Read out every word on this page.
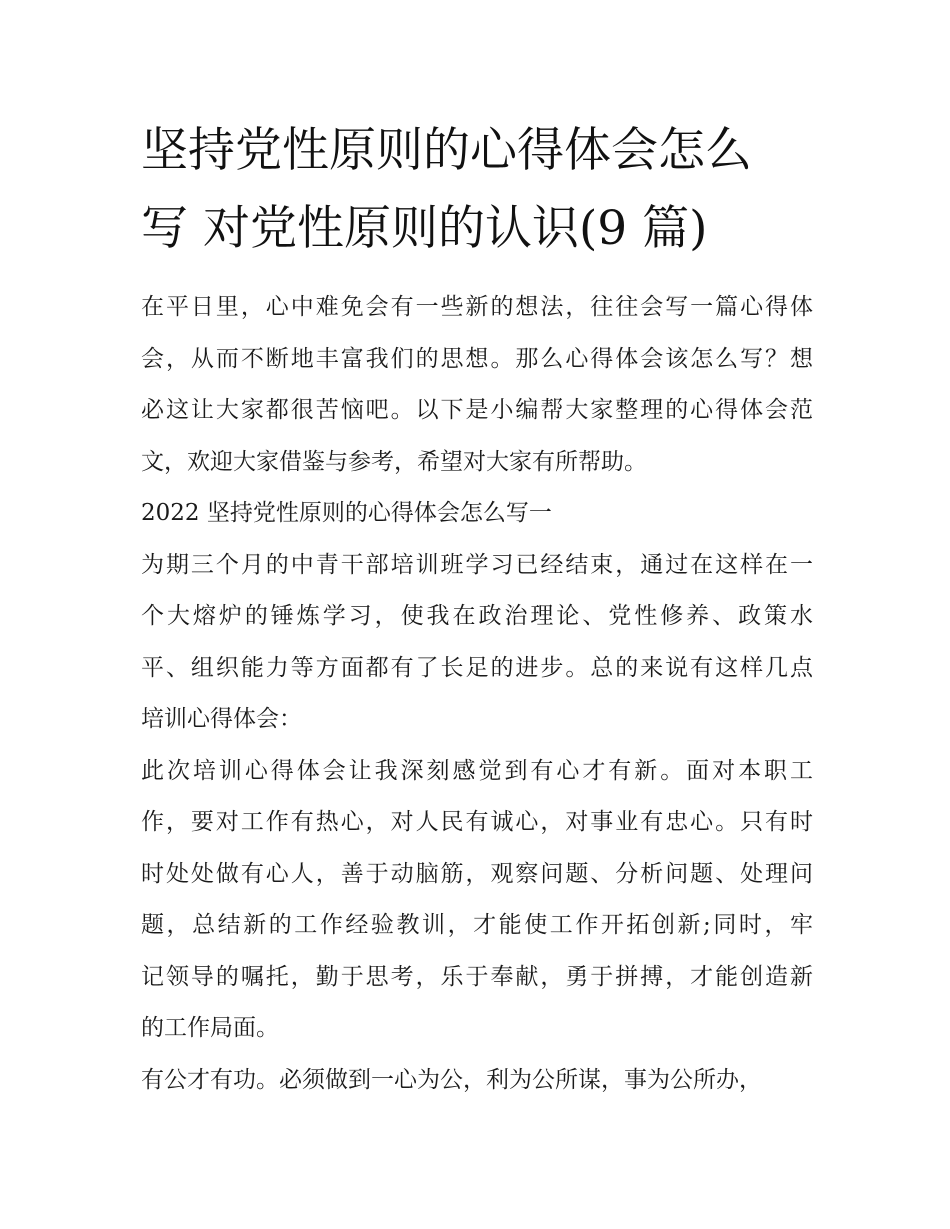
坚持党性原则的心得体会怎么
写 对党性原则的认识(9 篇)
在平日里，心中难免会有一些新的想法，往往会写一篇心得体
会，从而不断地丰富我们的思想。那么心得体会该怎么写？想
必这让大家都很苦恼吧。以下是小编帮大家整理的心得体会范
文，欢迎大家借鉴与参考，希望对大家有所帮助。
2022 坚持党性原则的心得体会怎么写一
为期三个月的中青干部培训班学习已经结束，通过在这样在一
个大熔炉的锤炼学习，使我在政治理论、党性修养、政策水
平、组织能力等方面都有了长足的进步。总的来说有这样几点
培训心得体会：
此次培训心得体会让我深刻感觉到有心才有新。面对本职工
作，要对工作有热心，对人民有诚心，对事业有忠心。只有时
时处处做有心人，善于动脑筋，观察问题、分析问题、处理问
题，总结新的工作经验教训，才能使工作开拓创新;同时，牢
记领导的嘱托，勤于思考，乐于奉献，勇于拼搏，才能创造新
的工作局面。
有公才有功。必须做到一心为公，利为公所谋，事为公所办，
